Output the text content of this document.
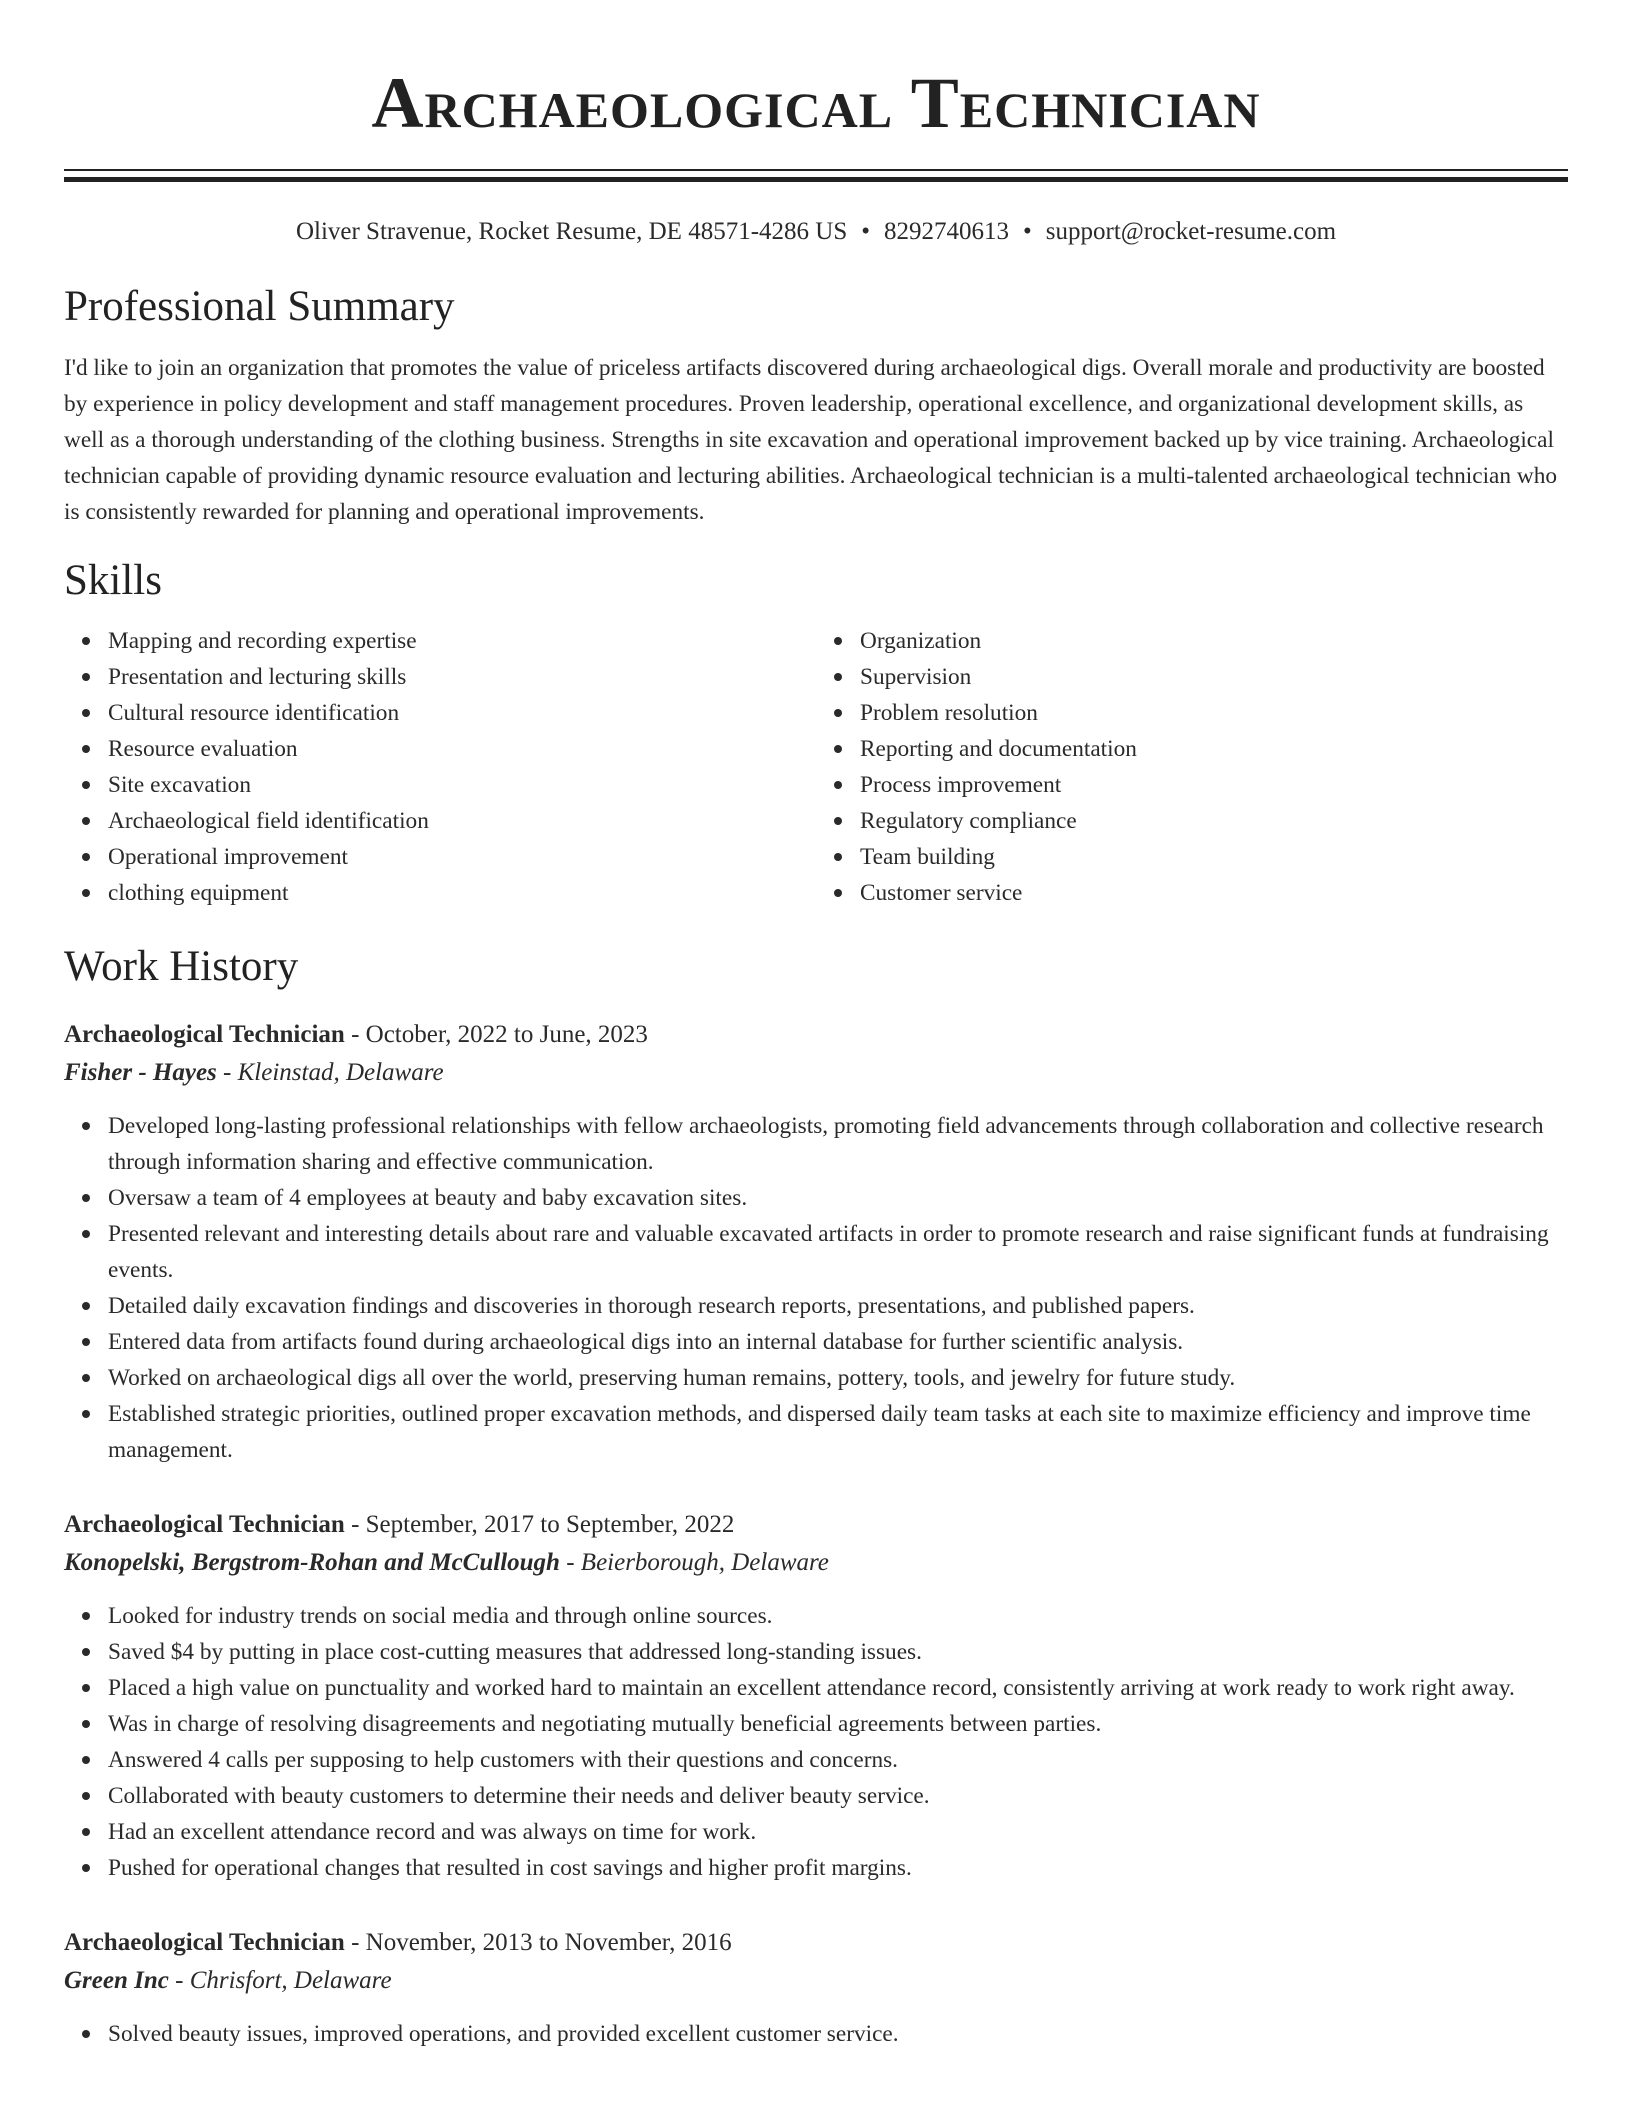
Archaeological Technician
Oliver Stravenue, Rocket Resume, DE 48571-4286 US • 8292740613 • support@rocket-resume.com
Professional Summary

I'd like to join an organization that promotes the value of priceless artifacts discovered during archaeological digs. Overall morale and productivity are boosted by experience in policy development and staff management procedures. Proven leadership, operational excellence, and organizational development skills, as well as a thorough understanding of the clothing business. Strengths in site excavation and operational improvement backed up by vice training. Archaeological technician capable of providing dynamic resource evaluation and lecturing abilities. Archaeological technician is a multi-talented archaeological technician who is consistently rewarded for planning and operational improvements.

Skills
Mapping and recording expertise
Presentation and lecturing skills
Cultural resource identification
Resource evaluation
Site excavation
Archaeological field identification
Operational improvement
clothing equipment
Organization
Supervision
Problem resolution
Reporting and documentation
Process improvement
Regulatory compliance
Team building
Customer service
Work History
Archaeological Technician - October, 2022 to June, 2023
Fisher - Hayes - Kleinstad, Delaware
Developed long-lasting professional relationships with fellow archaeologists, promoting field advancements through collaboration and collective research through information sharing and effective communication.
Oversaw a team of 4 employees at beauty and baby excavation sites.
Presented relevant and interesting details about rare and valuable excavated artifacts in order to promote research and raise significant funds at fundraising events.
Detailed daily excavation findings and discoveries in thorough research reports, presentations, and published papers.
Entered data from artifacts found during archaeological digs into an internal database for further scientific analysis.
Worked on archaeological digs all over the world, preserving human remains, pottery, tools, and jewelry for future study.
Established strategic priorities, outlined proper excavation methods, and dispersed daily team tasks at each site to maximize efficiency and improve time management.
Archaeological Technician - September, 2017 to September, 2022
Konopelski, Bergstrom-Rohan and McCullough - Beierborough, Delaware
Looked for industry trends on social media and through online sources.
Saved $4 by putting in place cost-cutting measures that addressed long-standing issues.
Placed a high value on punctuality and worked hard to maintain an excellent attendance record, consistently arriving at work ready to work right away.
Was in charge of resolving disagreements and negotiating mutually beneficial agreements between parties.
Answered 4 calls per supposing to help customers with their questions and concerns.
Collaborated with beauty customers to determine their needs and deliver beauty service.
Had an excellent attendance record and was always on time for work.
Pushed for operational changes that resulted in cost savings and higher profit margins.
Archaeological Technician - November, 2013 to November, 2016
Green Inc - Chrisfort, Delaware
Solved beauty issues, improved operations, and provided excellent customer service.
